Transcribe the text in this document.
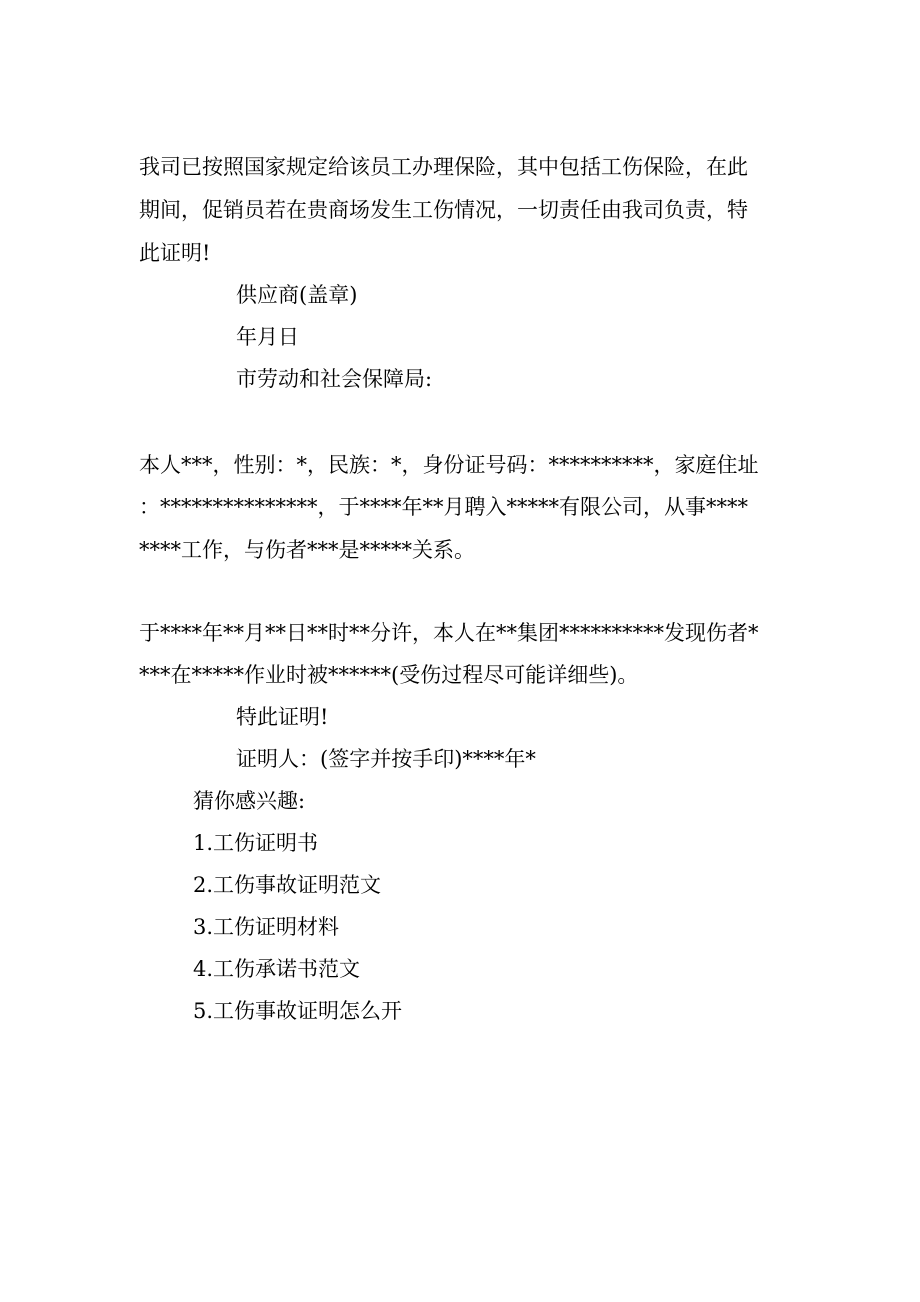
我司已按照国家规定给该员工办理保险，其中包括工伤保险，在此
期间，促销员若在贵商场发生工伤情况，一切责任由我司负责，特
此证明!
供应商(盖章)
年月日
市劳动和社会保障局:
本人***，性别：*，民族：*，身份证号码：**********，家庭住址
：***************，于****年**月聘入*****有限公司，从事****
****工作，与伤者***是*****关系。
于****年**月**日**时**分许，本人在**集团**********发现伤者*
***在*****作业时被******(受伤过程尽可能详细些)。
特此证明!
证明人：(签字并按手印)****年*
猜你感兴趣:
1.工伤证明书
2.工伤事故证明范文
3.工伤证明材料
4.工伤承诺书范文
5.工伤事故证明怎么开
